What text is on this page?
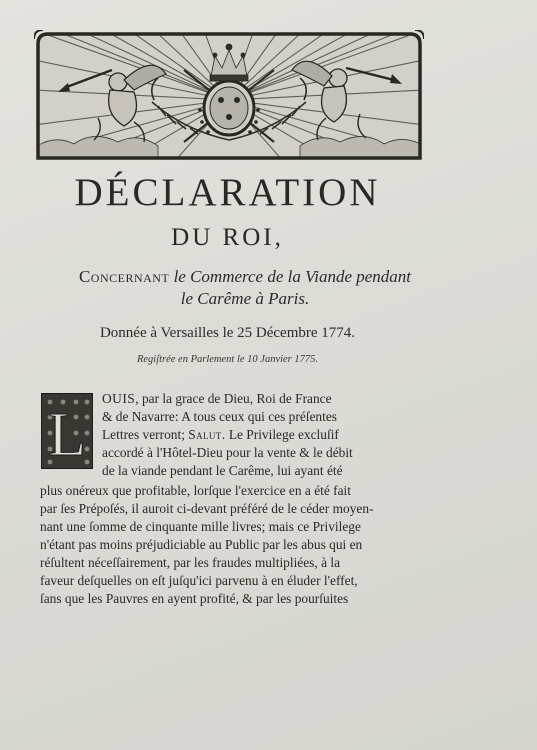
DÉCLARATION
DU ROI,
Concernant le Commerce de la Viande pendant
le Carême à Paris.
Donnée à Versailles le 25 Décembre 1774.
Regiſtrée en Parlement le 10 Janvier 1775.
L
OUIS, par la grace de Dieu, Roi de France
& de Navarre: A tous ceux qui ces préſentes
Lettres verront; Salut. Le Privilege excluſif
accordé à l'Hôtel-Dieu pour la vente & le débit
de la viande pendant le Carême, lui ayant été
plus onéreux que profitable, lorſque l'exercice en a été fait
par ſes Prépoſés, il auroit ci-devant préféré de le céder moyen-
nant une ſomme de cinquante mille livres; mais ce Privilege
n'étant pas moins préjudiciable au Public par les abus qui en
réſultent néceſſairement, par les fraudes multipliées, à la
faveur deſquelles on eſt juſqu'ici parvenu à en éluder l'effet,
ſans que les Pauvres en ayent profité, & par les pourſuites
